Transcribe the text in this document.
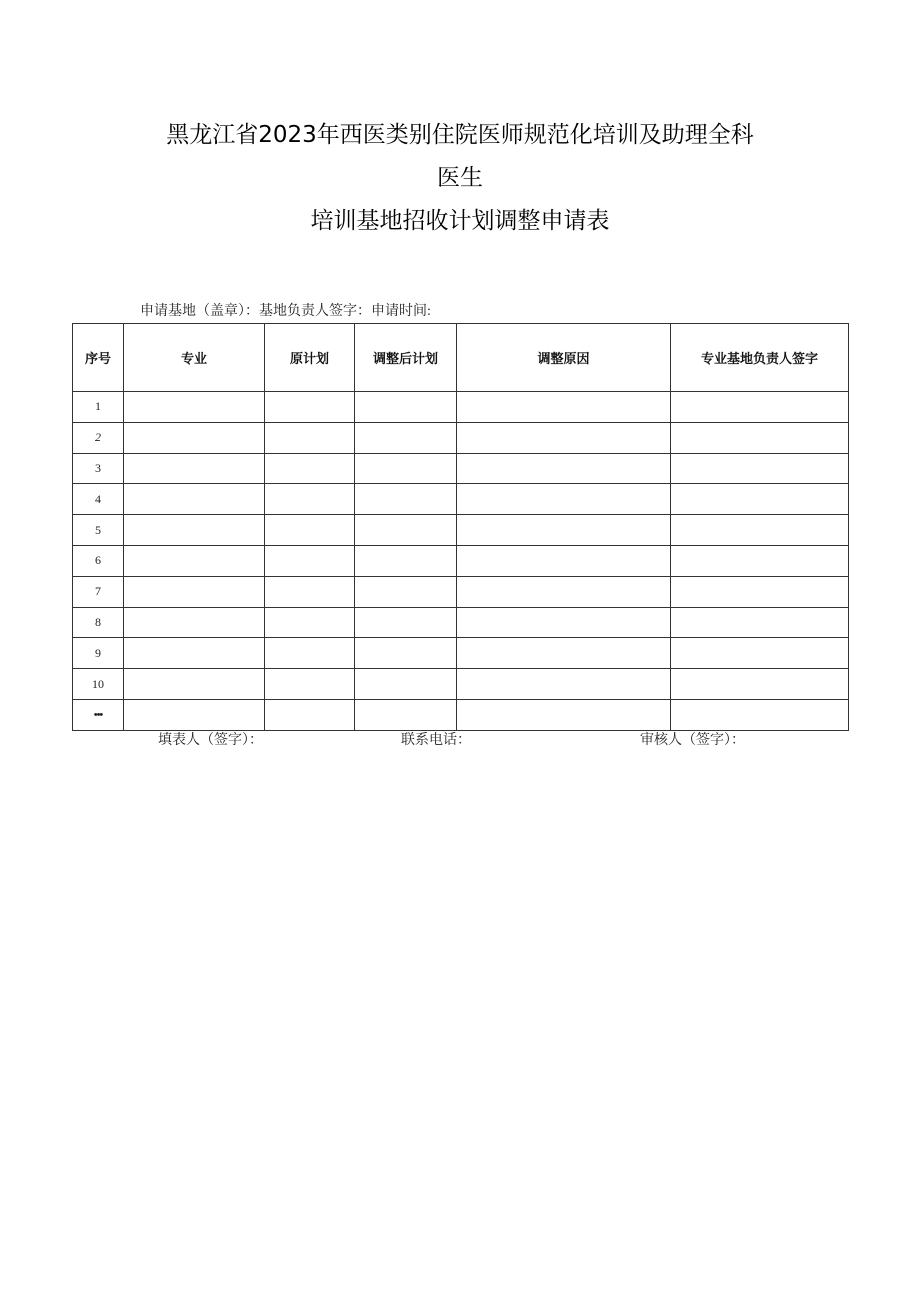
黑龙江省2023年西医类别住院医师规范化培训及助理全科
医生
培训基地招收计划调整申请表
申请基地（盖章）：基地负责人签字：申请时间:
序号	专业	原计划	调整后计划	调整原因	专业基地负责人签字
1					
2					
3					
4					
5					
6					
7					
8					
9					
10					
•••					
填表人（签字）：	联系电话：	审核人（签字）：
